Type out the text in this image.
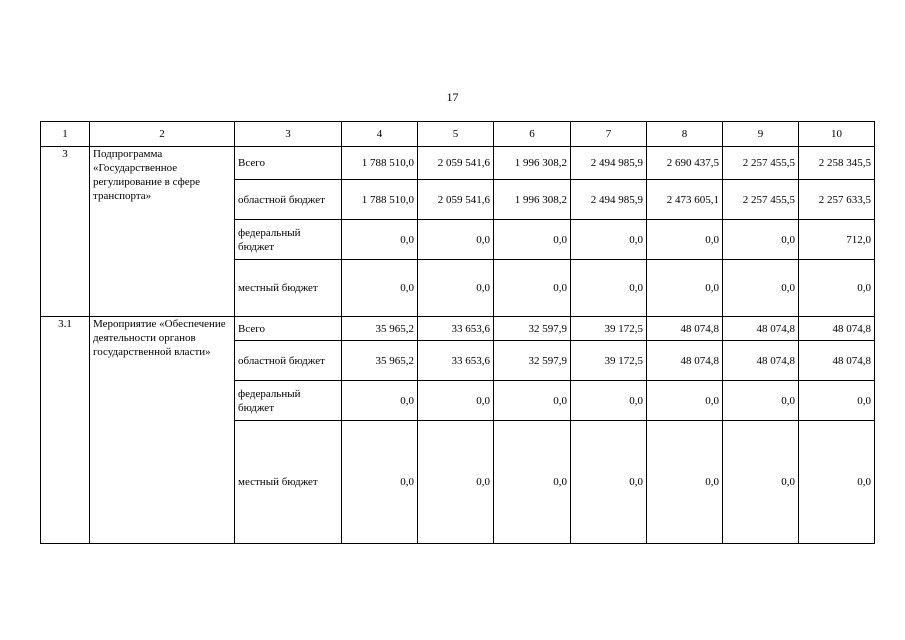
17
1	2	3	4	5	6	7	8	9	10
3	Подпрограмма «Государственное регулирование в сфере транспорта»	Всего	1 788 510,0	2 059 541,6	1 996 308,2	2 494 985,9	2 690 437,5	2 257 455,5	2 258 345,5
		областной бюджет	1 788 510,0	2 059 541,6	1 996 308,2	2 494 985,9	2 473 605,1	2 257 455,5	2 257 633,5
		федеральный бюджет	0,0	0,0	0,0	0,0	0,0	0,0	712,0
		местный бюджет	0,0	0,0	0,0	0,0	0,0	0,0	0,0
3.1	Мероприятие «Обеспечение деятельности органов государственной власти»	Всего	35 965,2	33 653,6	32 597,9	39 172,5	48 074,8	48 074,8	48 074,8
		областной бюджет	35 965,2	33 653,6	32 597,9	39 172,5	48 074,8	48 074,8	48 074,8
		федеральный бюджет	0,0	0,0	0,0	0,0	0,0	0,0	0,0
		местный бюджет	0,0	0,0	0,0	0,0	0,0	0,0	0,0
